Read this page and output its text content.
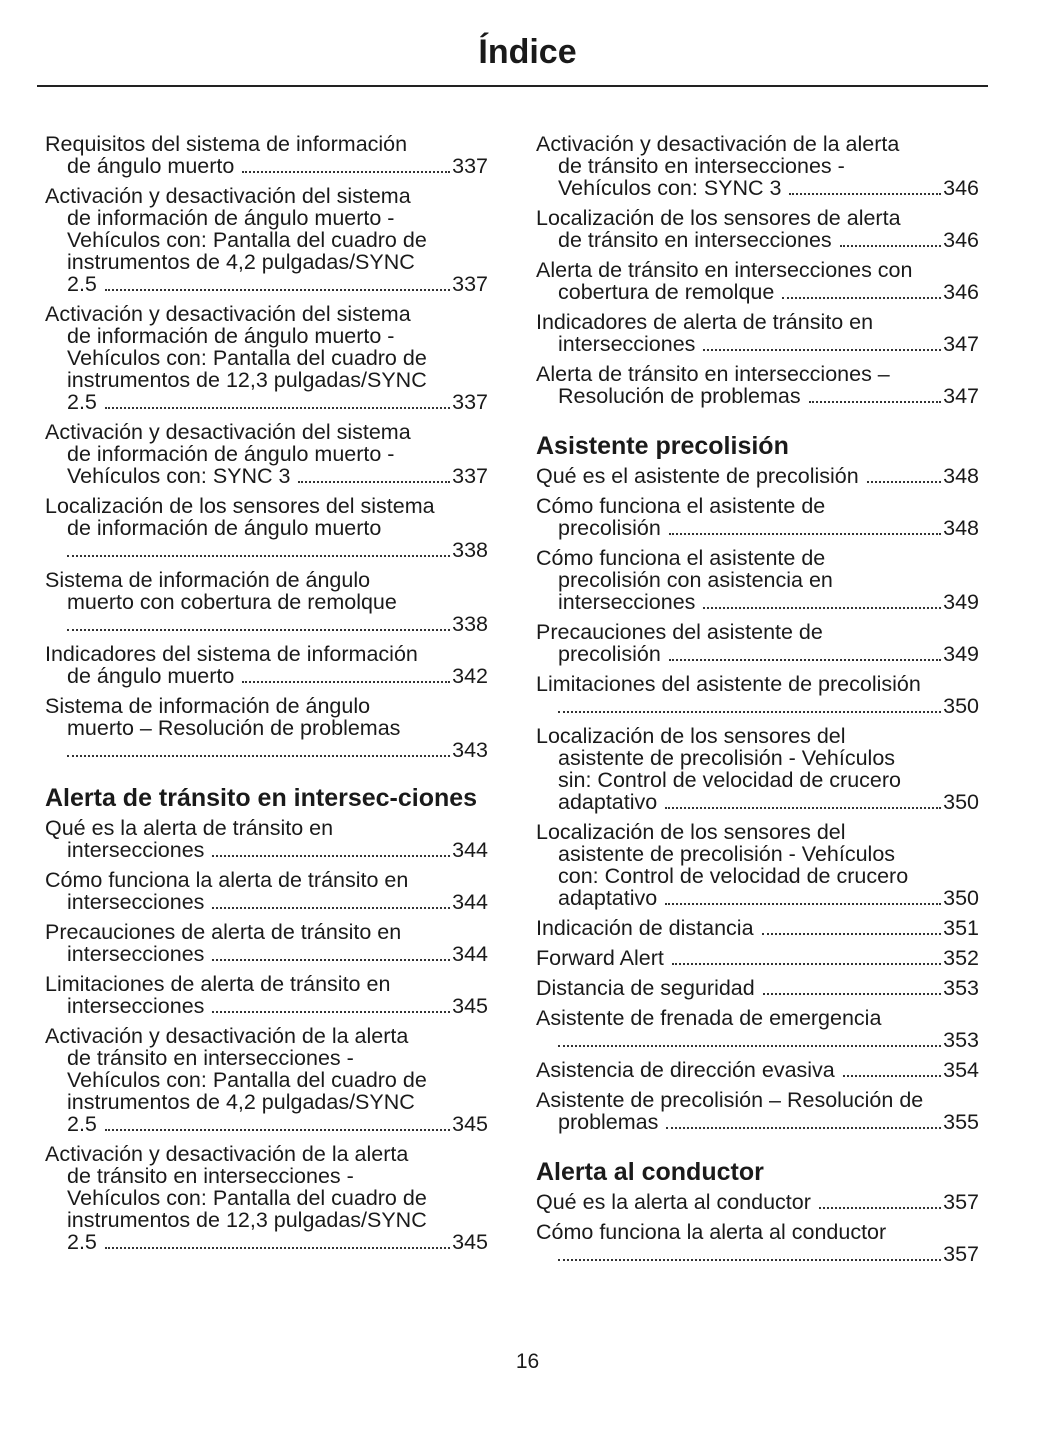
Índice
Requisitos del sistema de información
de ángulo muerto	337
Activación y desactivación del sistema
de información de ángulo muerto -
Vehículos con: Pantalla del cuadro de
instrumentos de 4,2 pulgadas/SYNC
2.5	337
Activación y desactivación del sistema
de información de ángulo muerto -
Vehículos con: Pantalla del cuadro de
instrumentos de 12,3 pulgadas/SYNC
2.5	337
Activación y desactivación del sistema
de información de ángulo muerto -
Vehículos con: SYNC 3	337
Localización de los sensores del sistema
de información de ángulo muerto
338
Sistema de información de ángulo
muerto con cobertura de remolque
338
Indicadores del sistema de información
de ángulo muerto	342
Sistema de información de ángulo
muerto – Resolución de problemas
343
Alerta de tránsito en intersec-ciones
Qué es la alerta de tránsito en
intersecciones	344
Cómo funciona la alerta de tránsito en
intersecciones	344
Precauciones de alerta de tránsito en
intersecciones	344
Limitaciones de alerta de tránsito en
intersecciones	345
Activación y desactivación de la alerta
de tránsito en intersecciones -
Vehículos con: Pantalla del cuadro de
instrumentos de 4,2 pulgadas/SYNC
2.5	345
Activación y desactivación de la alerta
de tránsito en intersecciones -
Vehículos con: Pantalla del cuadro de
instrumentos de 12,3 pulgadas/SYNC
2.5	345
Activación y desactivación de la alerta
de tránsito en intersecciones -
Vehículos con: SYNC 3	346
Localización de los sensores de alerta
de tránsito en intersecciones	346
Alerta de tránsito en intersecciones con
cobertura de remolque	346
Indicadores de alerta de tránsito en
intersecciones	347
Alerta de tránsito en intersecciones –
Resolución de problemas	347
Asistente precolisión
Qué es el asistente de precolisión	348
Cómo funciona el asistente de
precolisión	348
Cómo funciona el asistente de
precolisión con asistencia en
intersecciones	349
Precauciones del asistente de
precolisión	349
Limitaciones del asistente de precolisión
350
Localización de los sensores del
asistente de precolisión - Vehículos
sin: Control de velocidad de crucero
adaptativo	350
Localización de los sensores del
asistente de precolisión - Vehículos
con: Control de velocidad de crucero
adaptativo	350
Indicación de distancia	351
Forward Alert	352
Distancia de seguridad	353
Asistente de frenada de emergencia
353
Asistencia de dirección evasiva	354
Asistente de precolisión – Resolución de
problemas	355
Alerta al conductor
Qué es la alerta al conductor	357
Cómo funciona la alerta al conductor
357
16
